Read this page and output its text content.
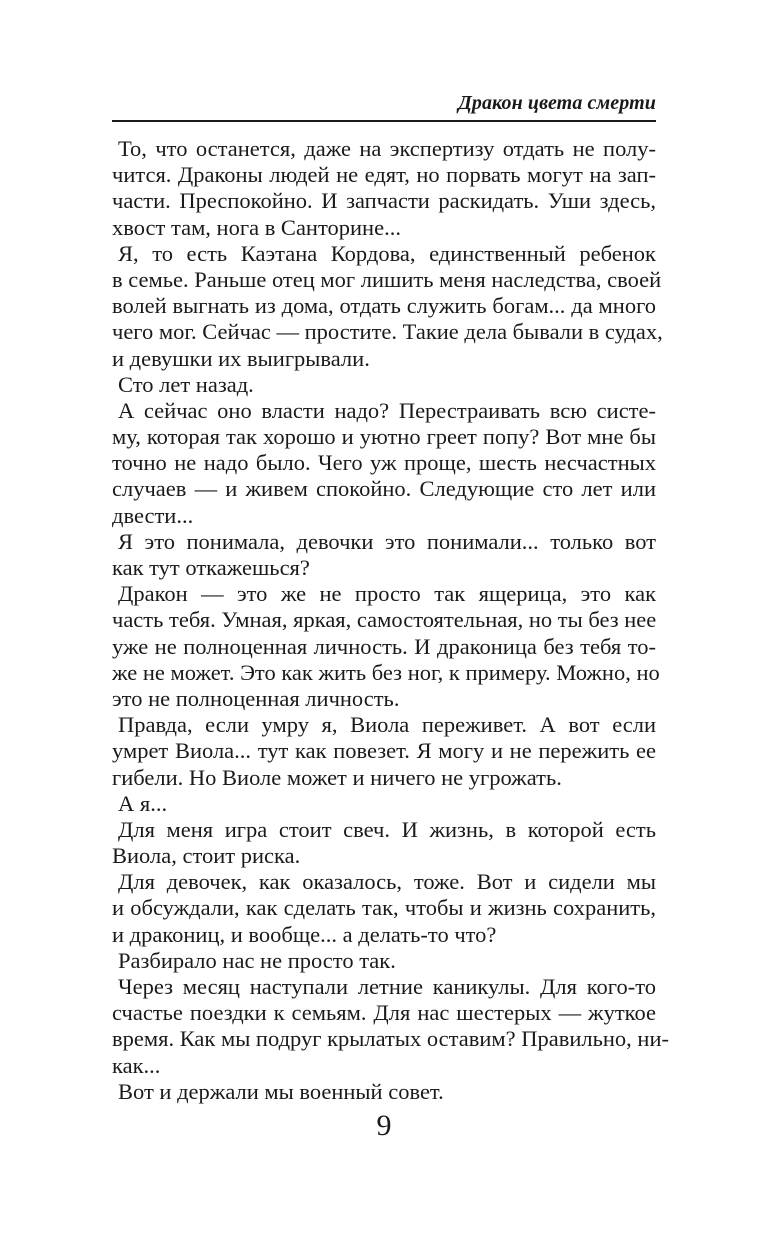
Дракон цвета смерти

То, что останется, даже на экспертизу отдать не полу-
чится. Драконы людей не едят, но порвать могут на зап-
части. Преспокойно. И запчасти раскидать. Уши здесь,
хвост там, нога в Санторине...

Я, то есть Каэтана Кордова, единственный ребенок
в семье. Раньше отец мог лишить меня наследства, своей
волей выгнать из дома, отдать служить богам... да много
чего мог. Сейчас — простите. Такие дела бывали в судах,
и девушки их выигрывали.

Сто лет назад.

А сейчас оно власти надо? Перестраивать всю систе-
му, которая так хорошо и уютно греет попу? Вот мне бы
точно не надо было. Чего уж проще, шесть несчастных
случаев — и живем спокойно. Следующие сто лет или
двести...

Я это понимала, девочки это понимали... только вот
как тут откажешься?

Дракон — это же не просто так ящерица, это как
часть тебя. Умная, яркая, самостоятельная, но ты без нее
уже не полноценная личность. И драконица без тебя то-
же не может. Это как жить без ног, к примеру. Можно, но
это не полноценная личность.

Правда, если умру я, Виола переживет. А вот если
умрет Виола... тут как повезет. Я могу и не пережить ее
гибели. Но Виоле может и ничего не угрожать.

А я...

Для меня игра стоит свеч. И жизнь, в которой есть
Виола, стоит риска.

Для девочек, как оказалось, тоже. Вот и сидели мы
и обсуждали, как сделать так, чтобы и жизнь сохранить,
и дракониц, и вообще... а делать-то что?

Разбирало нас не просто так.

Через месяц наступали летние каникулы. Для кого-то
счастье поездки к семьям. Для нас шестерых — жуткое
время. Как мы подруг крылатых оставим? Правильно, ни-
как...

Вот и держали мы военный совет.

9
